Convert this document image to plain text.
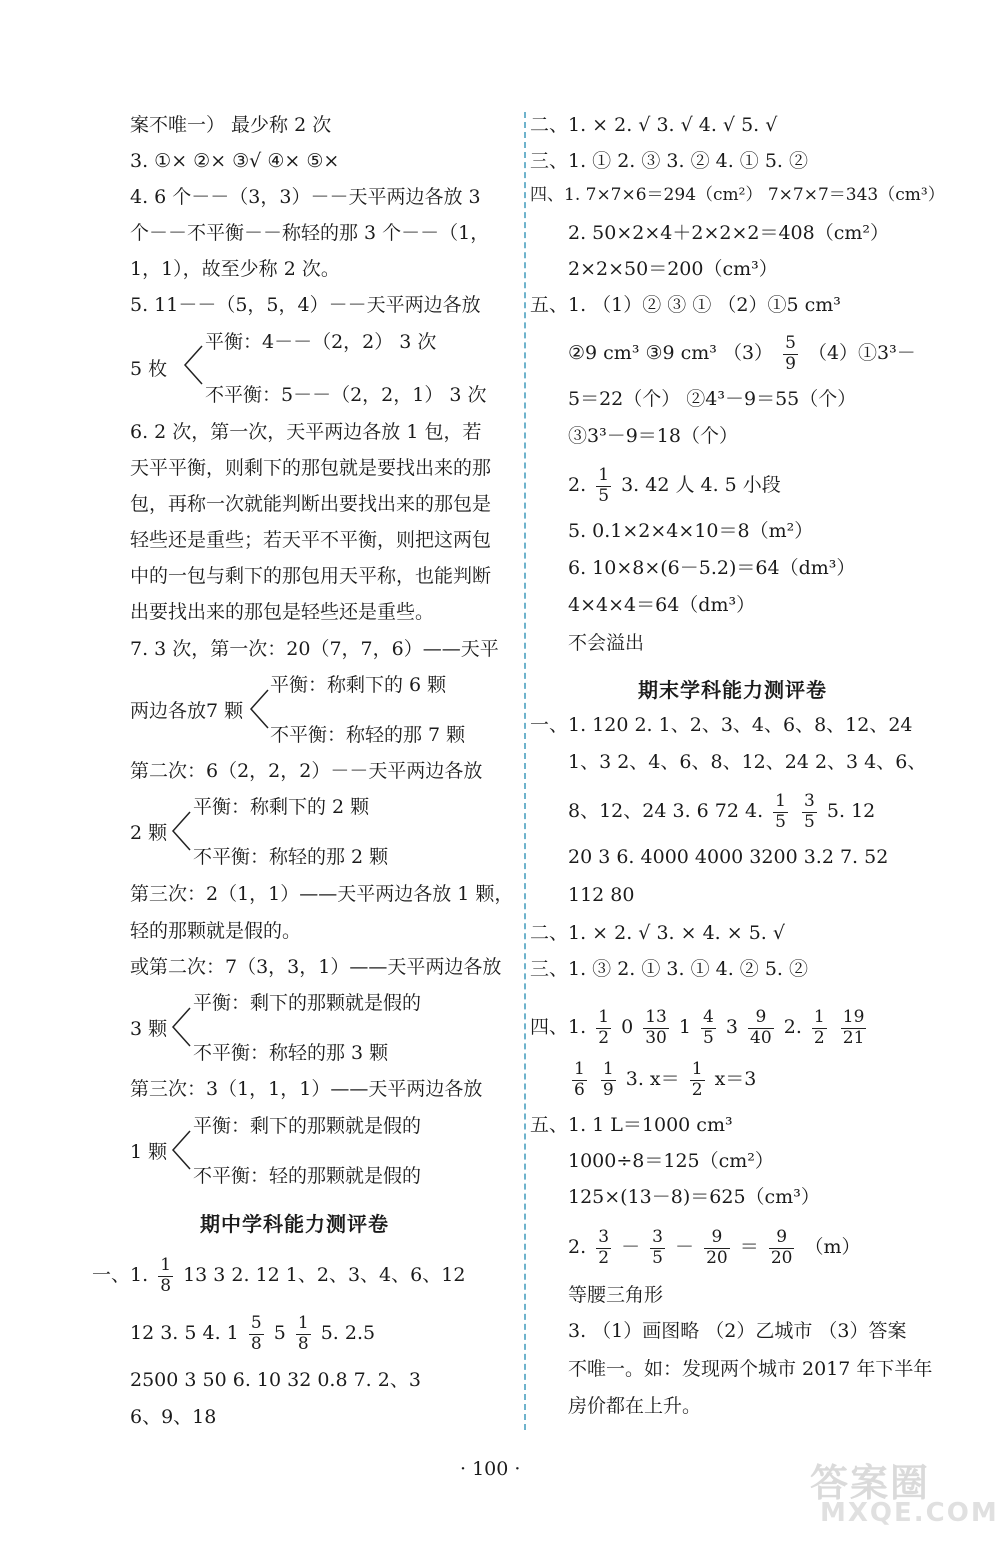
案不唯一） 最少称 2 次
3. ①× ②× ③√ ④× ⑤×
4. 6 个－－（3，3）－－天平两边各放 3
个－－不平衡－－称轻的那 3 个－－（1，
1，1），故至少称 2 次。
5. 11－－（5，5，4）－－天平两边各放
平衡：4－－（2，2） 3 次
5 枚
不平衡：5－－（2，2，1） 3 次
6. 2 次，第一次，天平两边各放 1 包，若
天平平衡，则剩下的那包就是要找出来的那
包，再称一次就能判断出要找出来的那包是
轻些还是重些；若天平不平衡，则把这两包
中的一包与剩下的那包用天平称，也能判断
出要找出来的那包是轻些还是重些。
7. 3 次，第一次：20（7，7，6）——天平
平衡：称剩下的 6 颗
两边各放7 颗
不平衡：称轻的那 7 颗
第二次：6（2，2，2）－－天平两边各放
平衡：称剩下的 2 颗
2 颗
不平衡：称轻的那 2 颗
第三次：2（1，1）——天平两边各放 1 颗，
轻的那颗就是假的。
或第二次：7（3，3，1）——天平两边各放
平衡：剩下的那颗就是假的
3 颗
不平衡：称轻的那 3 颗
第三次：3（1，1，1）——天平两边各放
平衡：剩下的那颗就是假的
1 颗
不平衡：轻的那颗就是假的
期中学科能力测评卷
一、1. $\frac{1}{8} 13$ 3 2. 12 1、2、3、4、6、12
12 3. 5 4. $1 \frac{5}{8} 5 \frac{1}{8} 5$. 2.5
2500 3 50 6. 10 32 0.8 7. 2、3
6、9、18
二、1. × 2. √ 3. √ 4. √ 5. √
三、1. ① 2. ③ 3. ② 4. ① 5. ②
四、1. 7×7×6＝294（cm²） 7×7×7＝343（cm³）
2. 50×2×4＋2×2×2＝408（cm²）
2×2×50＝200（cm³）
五、1. （1）② ③ ① （2）①5 cm³
②9 cm³ ③9 cm³ $(3) \frac{5}{9}$ （4）①3³－
5＝22（个） ②4³－9＝55（个）
③3³－9＝18（个）
2. $\frac{1}{5} 3$. 42 人 4. 5 小段
5. 0.1×2×4×10＝8（m²）
6. 10×8×(6－5.2)＝64（dm³）
4×4×4＝64（dm³）
不会溢出
期末学科能力测评卷
一、1. 120 2. 1、2、3、4、6、8、12、24
1、3 2、4、6、8、12、24 2、3 4、6、
8、12、24 3. 6 72 4. $\frac{1}{5}$
$\frac{3}{5} 5$. 12
20 3 6. 4000 4000 3200 3.2 7. 52
112 80
二、1. × 2. √ 3. × 4. × 5. √
三、1. ③ 2. ① 3. ① 4. ② 5. ②
四、1. $\frac{1}{2} 0 \frac{13}{30} 1 \frac{4}{5} 3 \frac{9}{40} 2$. $\frac{1}{2}$
$\frac{19}{21}$
$\frac{1}{6}$
$\frac{1}{9} 3$. $x= \frac{1}{2} x=3$
五、1. 1 L＝1000 cm³
1000÷8＝125（cm²）
125×(13－8)＝625（cm³）
2. $\frac{3}{2} - \frac{3}{5} - \frac{9}{20} = \frac{9}{20} (m)$
等腰三角形
3. （1）画图略 （2）乙城市 （3）答案
不唯一。如：发现两个城市 2017 年下半年
房价都在上升。
· 100 ·	答案圈
MXQE.COM
